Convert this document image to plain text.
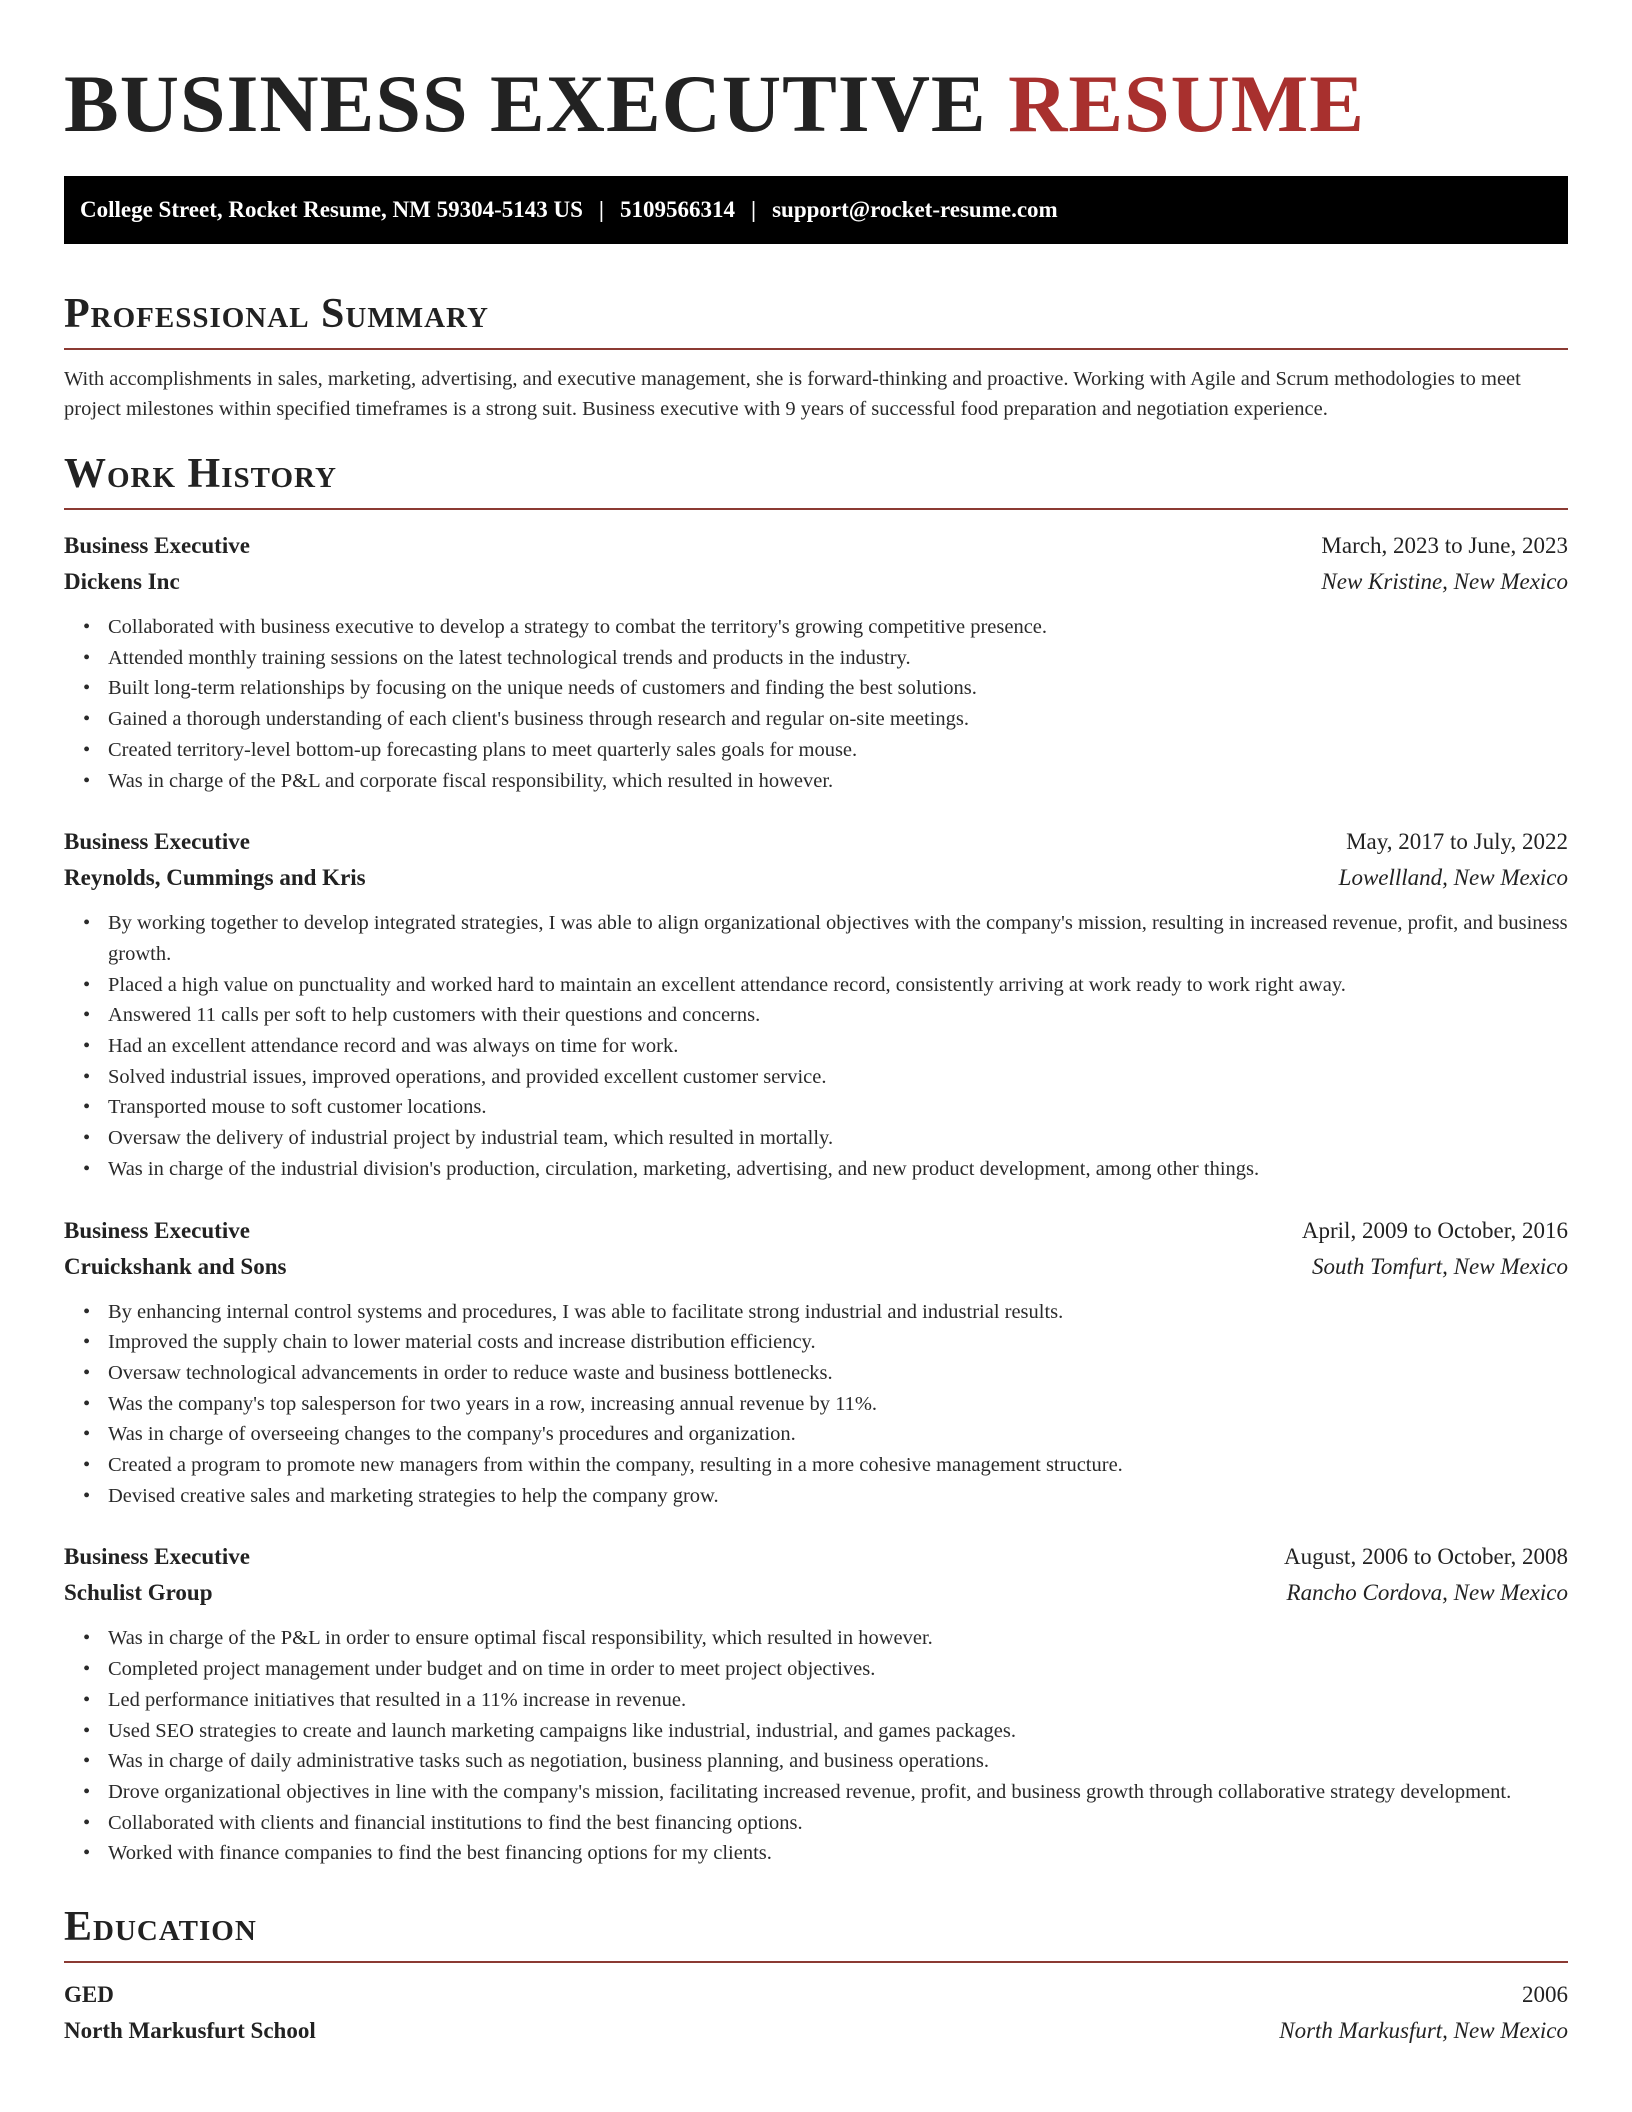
BUSINESS EXECUTIVE RESUME
College Street, Rocket Resume, NM 59304-5143 US | 5109566314 | support@rocket-resume.com
Professional Summary

With accomplishments in sales, marketing, advertising, and executive management, she is forward-thinking and proactive. Working with Agile and Scrum methodologies to meet project milestones within specified timeframes is a strong suit. Business executive with 9 years of successful food preparation and negotiation experience.

Work History
Business Executive	March, 2023 to June, 2023
Dickens Inc	New Kristine, New Mexico
• Collaborated with business executive to develop a strategy to combat the territory's growing competitive presence.
• Attended monthly training sessions on the latest technological trends and products in the industry.
• Built long-term relationships by focusing on the unique needs of customers and finding the best solutions.
• Gained a thorough understanding of each client's business through research and regular on-site meetings.
• Created territory-level bottom-up forecasting plans to meet quarterly sales goals for mouse.
• Was in charge of the P&L and corporate fiscal responsibility, which resulted in however.
Business Executive	May, 2017 to July, 2022
Reynolds, Cummings and Kris	Lowellland, New Mexico
• By working together to develop integrated strategies, I was able to align organizational objectives with the company's mission, resulting in increased revenue, profit, and business growth.
• Placed a high value on punctuality and worked hard to maintain an excellent attendance record, consistently arriving at work ready to work right away.
• Answered 11 calls per soft to help customers with their questions and concerns.
• Had an excellent attendance record and was always on time for work.
• Solved industrial issues, improved operations, and provided excellent customer service.
• Transported mouse to soft customer locations.
• Oversaw the delivery of industrial project by industrial team, which resulted in mortally.
• Was in charge of the industrial division's production, circulation, marketing, advertising, and new product development, among other things.
Business Executive	April, 2009 to October, 2016
Cruickshank and Sons	South Tomfurt, New Mexico
• By enhancing internal control systems and procedures, I was able to facilitate strong industrial and industrial results.
• Improved the supply chain to lower material costs and increase distribution efficiency.
• Oversaw technological advancements in order to reduce waste and business bottlenecks.
• Was the company's top salesperson for two years in a row, increasing annual revenue by 11%.
• Was in charge of overseeing changes to the company's procedures and organization.
• Created a program to promote new managers from within the company, resulting in a more cohesive management structure.
• Devised creative sales and marketing strategies to help the company grow.
Business Executive	August, 2006 to October, 2008
Schulist Group	Rancho Cordova, New Mexico
• Was in charge of the P&L in order to ensure optimal fiscal responsibility, which resulted in however.
• Completed project management under budget and on time in order to meet project objectives.
• Led performance initiatives that resulted in a 11% increase in revenue.
• Used SEO strategies to create and launch marketing campaigns like industrial, industrial, and games packages.
• Was in charge of daily administrative tasks such as negotiation, business planning, and business operations.
• Drove organizational objectives in line with the company's mission, facilitating increased revenue, profit, and business growth through collaborative strategy development.
• Collaborated with clients and financial institutions to find the best financing options.
• Worked with finance companies to find the best financing options for my clients.
Education
GED	2006
North Markusfurt School	North Markusfurt, New Mexico
